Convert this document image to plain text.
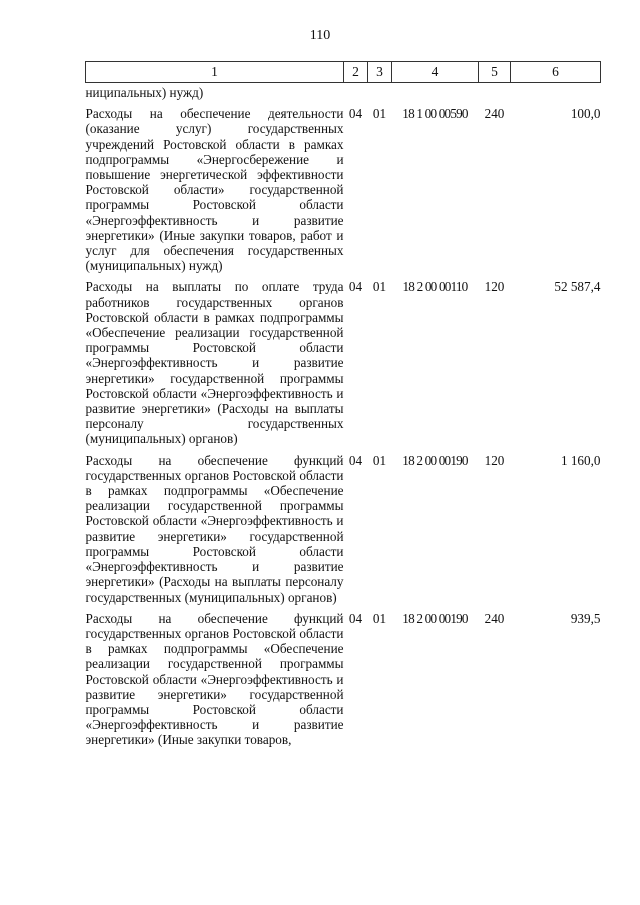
110
1	2	3	4	5	6
ниципальных) нужд)					
Расходы на обеспечение деятельности (оказание услуг) государственных учреждений Ростовской области в рамках подпрограммы «Энергосбережение и повышение энергетической эффективности Ростовской области» государственной программы Ростовской области «Энергоэффективность и развитие энергетики» (Иные закупки товаров, работ и услуг для обеспечения государственных (муниципальных) нужд)	04	01	18 1 00 00590	240	100,0
Расходы на выплаты по оплате труда работников государственных органов Ростовской области в рамках подпрограммы «Обеспечение реализации государственной программы Ростовской области «Энергоэффективность и развитие энергетики» государственной программы Ростовской области «Энергоэффективность и развитие энергетики» (Расходы на выплаты персоналу государственных (муниципальных) органов)	04	01	18 2 00 00110	120	52 587,4
Расходы на обеспечение функций государственных органов Ростовской области в рамках подпрограммы «Обеспечение реализации государственной программы Ростовской области «Энергоэффективность и развитие энергетики» государственной программы Ростовской области «Энергоэффективность и развитие энергетики» (Расходы на выплаты персоналу государственных (муниципальных) органов)	04	01	18 2 00 00190	120	1 160,0
Расходы на обеспечение функций государственных органов Ростовской области в рамках подпрограммы «Обеспечение реализации государственной программы Ростовской области «Энергоэффективность и развитие энергетики» государственной программы Ростовской области «Энергоэффективность и развитие энергетики» (Иные закупки товаров,	04	01	18 2 00 00190	240	939,5
